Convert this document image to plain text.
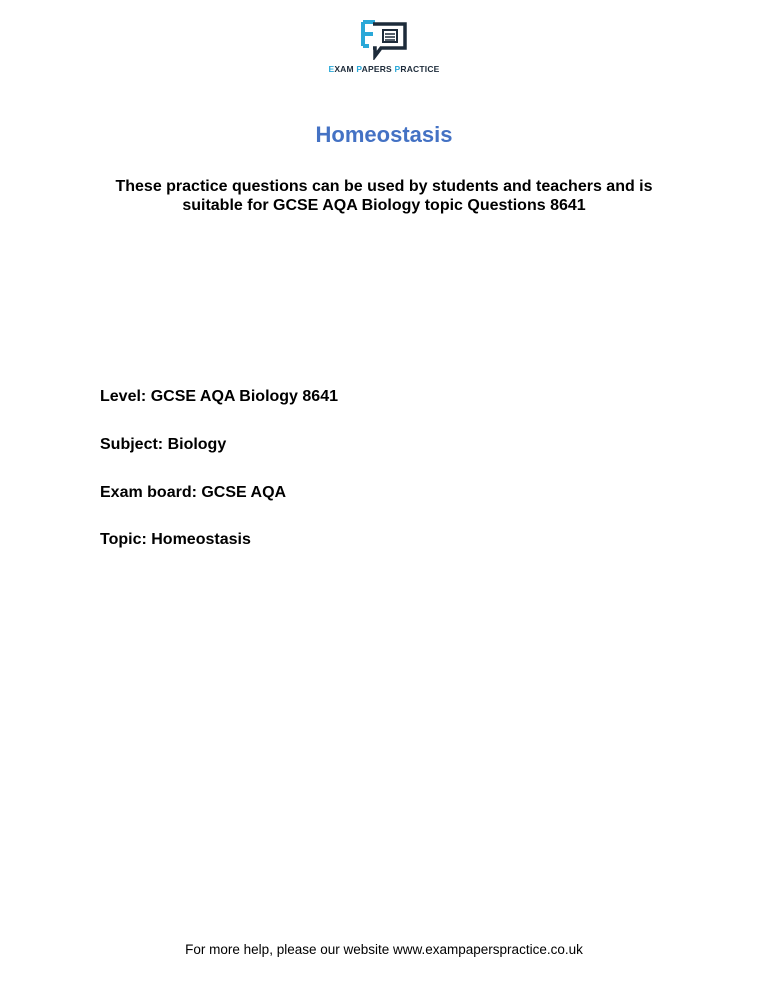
EXAM PAPERS PRACTICE
Homeostasis
These practice questions can be used by students and teachers and is
suitable for GCSE AQA Biology topic Questions 8641
Level: GCSE AQA Biology 8641
Subject: Biology
Exam board: GCSE AQA
Topic: Homeostasis
For more help, please our website www.exampaperspractice.co.uk
